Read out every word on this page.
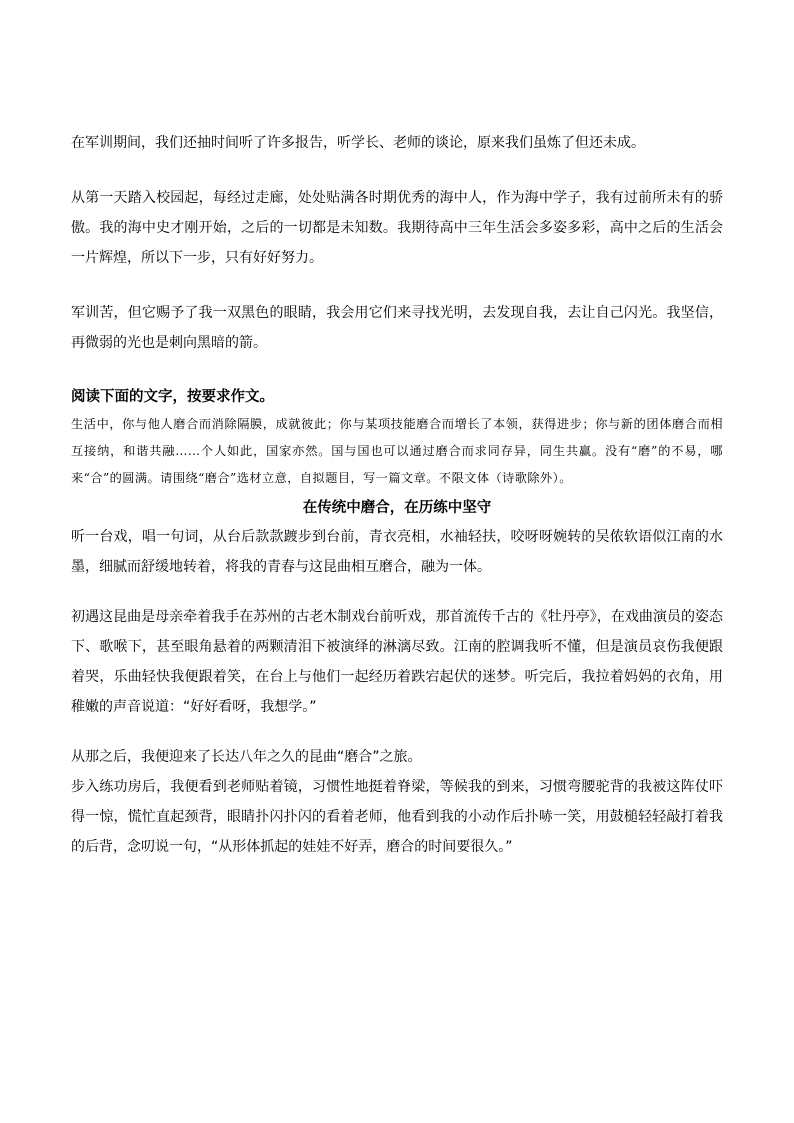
在军训期间，我们还抽时间听了许多报告，听学长、老师的谈论，原来我们虽炼了但还未成。

从第一天踏入校园起，每经过走廊，处处贴满各时期优秀的海中人，作为海中学子，我有过前所未有的骄傲。我的海中史才刚开始，之后的一切都是未知数。我期待高中三年生活会多姿多彩，高中之后的生活会一片辉煌，所以下一步，只有好好努力。

军训苦，但它赐予了我一双黑色的眼睛，我会用它们来寻找光明，去发现自我，去让自己闪光。我坚信，再微弱的光也是刺向黑暗的箭。

阅读下面的文字，按要求作文。

生活中，你与他人磨合而消除隔膜，成就彼此；你与某项技能磨合而增长了本领，获得进步；你与新的团体磨合而相互接纳，和谐共融……个人如此，国家亦然。国与国也可以通过磨合而求同存异，同生共赢。没有“磨”的不易，哪来“合”的圆满。请围绕“磨合”选材立意，自拟题目，写一篇文章。不限文体（诗歌除外）。

在传统中磨合，在历练中坚守

听一台戏，唱一句词，从台后款款踱步到台前，青衣亮相，水袖轻扶，咬呀呀婉转的吴侬软语似江南的水墨，细腻而舒缓地转着，将我的青春与这昆曲相互磨合，融为一体。

初遇这昆曲是母亲牵着我手在苏州的古老木制戏台前听戏，那首流传千古的《牡丹亭》，在戏曲演员的姿态下、歌喉下，甚至眼角悬着的两颗清泪下被演绎的淋漓尽致。江南的腔调我听不懂，但是演员哀伤我便跟着哭，乐曲轻快我便跟着笑，在台上与他们一起经历着跌宕起伏的迷梦。听完后，我拉着妈妈的衣角，用稚嫩的声音说道：“好好看呀，我想学。”

从那之后，我便迎来了长达八年之久的昆曲“磨合”之旅。

步入练功房后，我便看到老师贴着镜，习惯性地挺着脊梁，等候我的到来，习惯弯腰驼背的我被这阵仗吓得一惊，慌忙直起颈背，眼睛扑闪扑闪的看着老师，他看到我的小动作后扑哧一笑，用鼓槌轻轻敲打着我的后背，念叨说一句，“从形体抓起的娃娃不好弄，磨合的时间要很久。”
